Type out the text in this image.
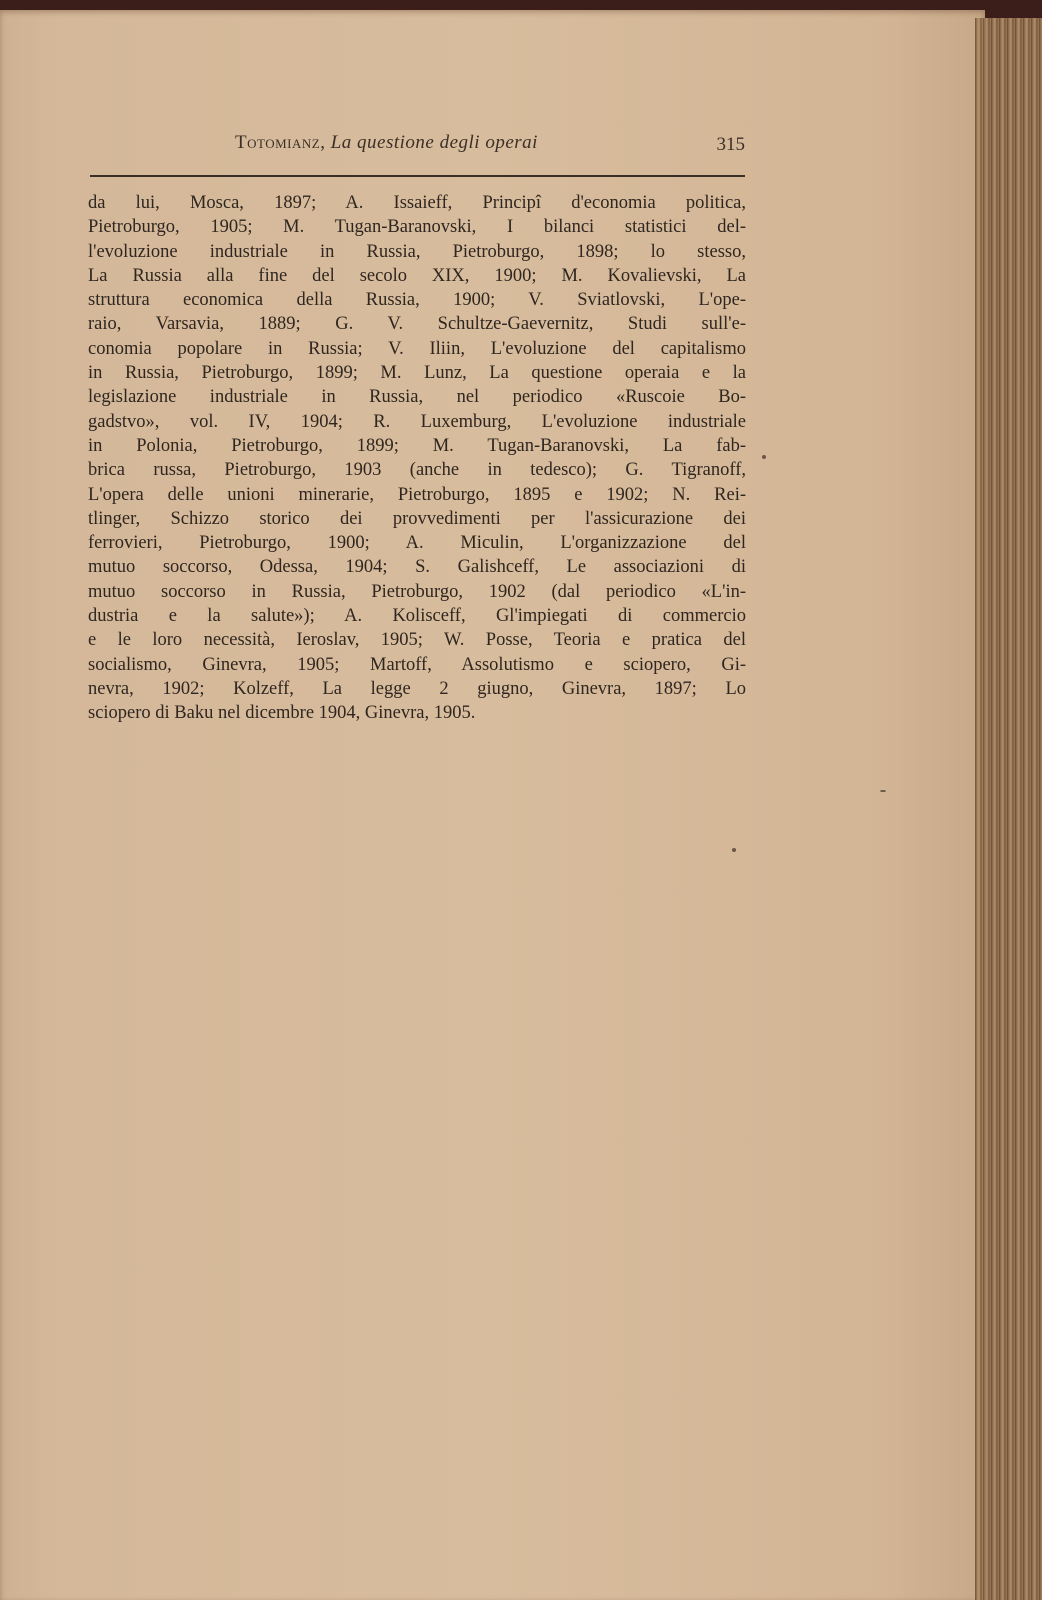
Totomianz, La questione degli operai	315

da lui, Mosca, 1897; A. Issaieff, Principî d'economia politica,
Pietroburgo, 1905; M. Tugan-Baranovski, I bilanci statistici del-
l'evoluzione industriale in Russia, Pietroburgo, 1898; lo stesso,
La Russia alla fine del secolo XIX, 1900; M. Kovalievski, La
struttura economica della Russia, 1900; V. Sviatlovski, L'ope-
raio, Varsavia, 1889; G. V. Schultze-Gaevernitz, Studi sull'e-
conomia popolare in Russia; V. Iliin, L'evoluzione del capitalismo
in Russia, Pietroburgo, 1899; M. Lunz, La questione operaia e la
legislazione industriale in Russia, nel periodico «Ruscoie Bo-
gadstvo», vol. IV, 1904; R. Luxemburg, L'evoluzione industriale
in Polonia, Pietroburgo, 1899; M. Tugan-Baranovski, La fab-
brica russa, Pietroburgo, 1903 (anche in tedesco); G. Tigranoff,
L'opera delle unioni minerarie, Pietroburgo, 1895 e 1902; N. Rei-
tlinger, Schizzo storico dei provvedimenti per l'assicurazione dei
ferrovieri, Pietroburgo, 1900; A. Miculin, L'organizzazione del
mutuo soccorso, Odessa, 1904; S. Galishceff, Le associazioni di
mutuo soccorso in Russia, Pietroburgo, 1902 (dal periodico «L'in-
dustria e la salute»); A. Kolisceff, Gl'impiegati di commercio
e le loro necessità, Ieroslav, 1905; W. Posse, Teoria e pratica del
socialismo, Ginevra, 1905; Martoff, Assolutismo e sciopero, Gi-
nevra, 1902; Kolzeff, La legge 2 giugno, Ginevra, 1897; Lo
sciopero di Baku nel dicembre 1904, Ginevra, 1905.
